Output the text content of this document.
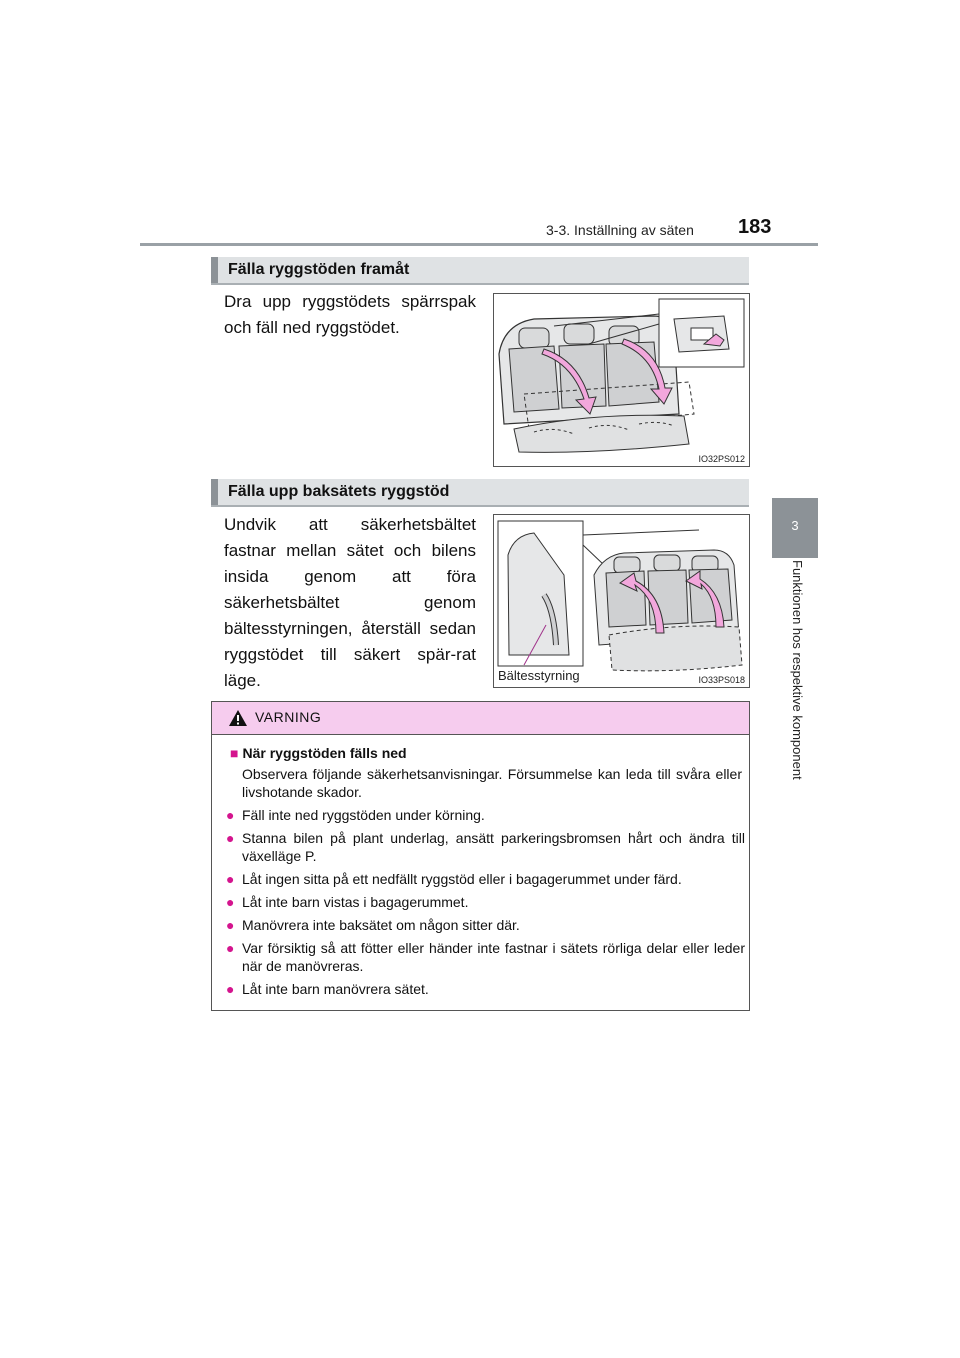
3-3. Inställning av säten 183
3
Funktionen hos respektive komponent
Fälla ryggstöden framåt
Dra upp ryggstödets spärrspak och fäll ned ryggstödet.
IO32PS012
Fälla upp baksätets ryggstöd
Undvik att säkerhetsbältet fastnar mellan sätet och bilens insida genom att föra säkerhetsbältet genom bältesstyrningen, återställ sedan ryggstödet till säkert spär-rat läge.	Bältesstyrning	IO33PS018
VARNING
■ När ryggstöden fälls ned
Observera följande säkerhetsanvisningar. Försummelse kan leda till svåra eller livshotande skador.
● Fäll inte ned ryggstöden under körning.
● Stanna bilen på plant underlag, ansätt parkeringsbromsen hårt och ändra till växelläge P.
● Låt ingen sitta på ett nedfällt ryggstöd eller i bagagerummet under färd.
● Låt inte barn vistas i bagagerummet.
● Manövrera inte baksätet om någon sitter där.
● Var försiktig så att fötter eller händer inte fastnar i sätets rörliga delar eller leder när de manövreras.
● Låt inte barn manövrera sätet.
